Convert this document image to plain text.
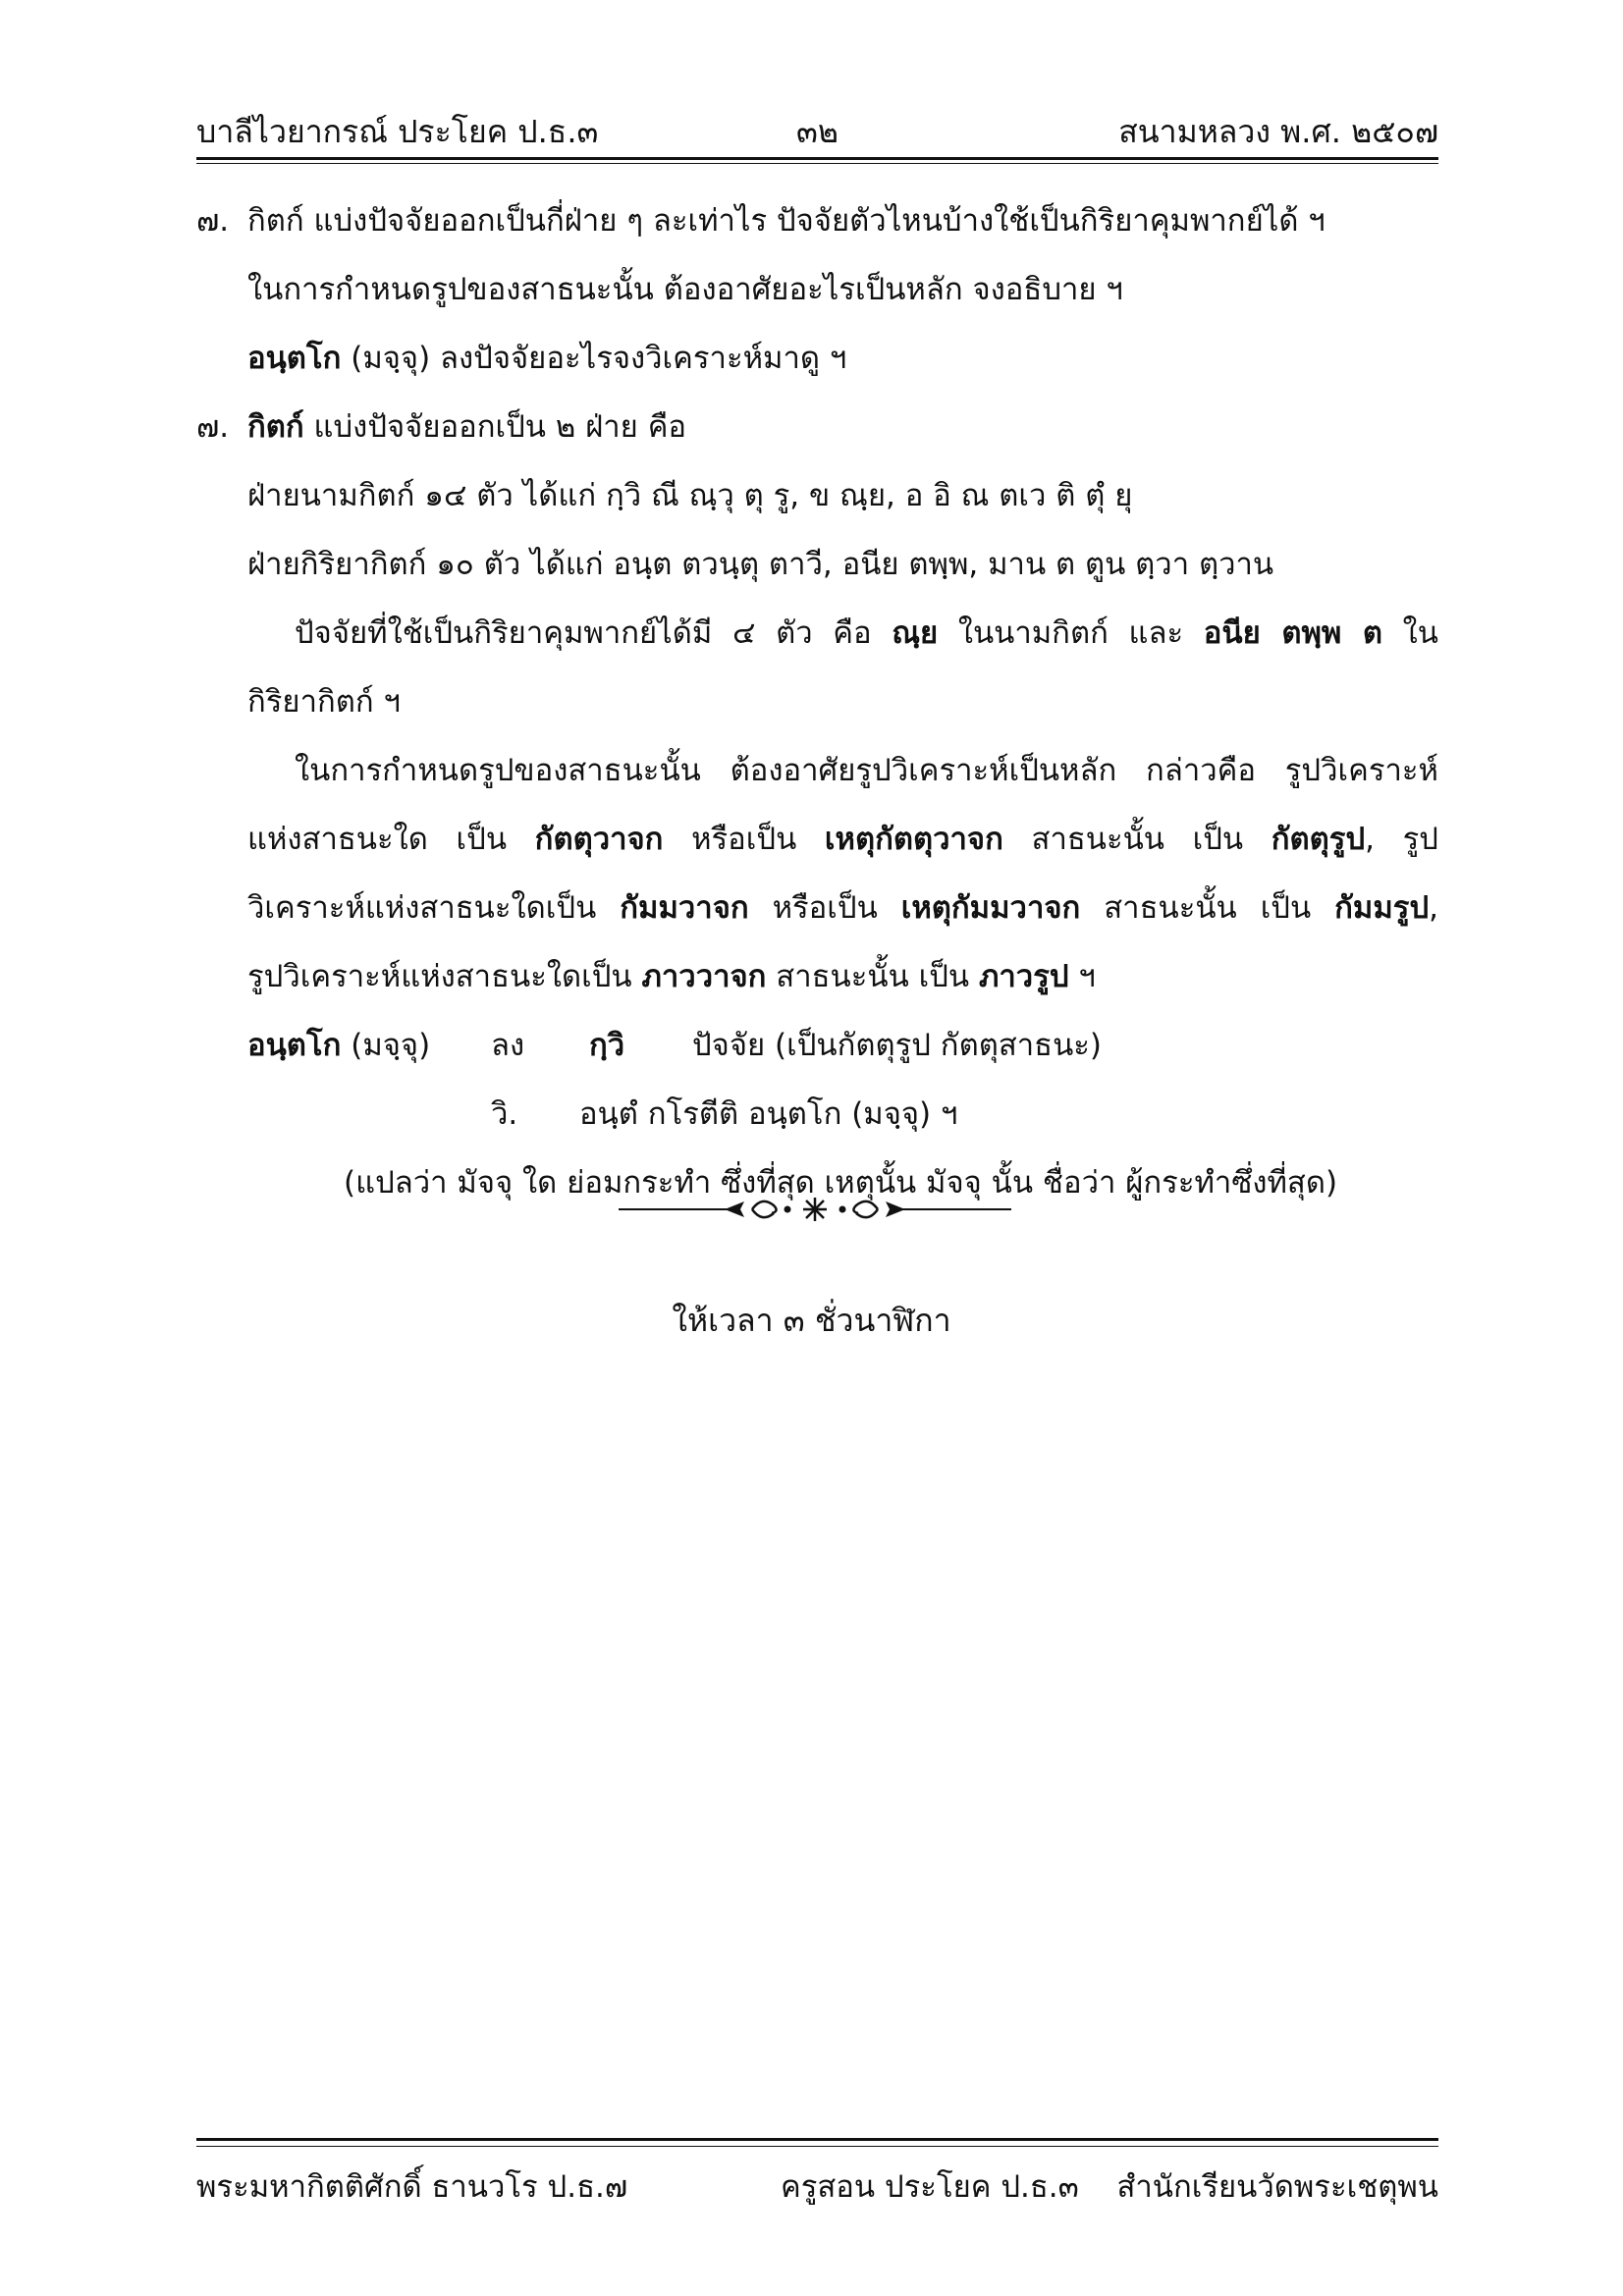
บาลีไวยากรณ์ ประโยค ป.ธ.๓	๓๒	สนามหลวง พ.ศ. ๒๕๐๗
๗. กิตก์ แบ่งปัจจัยออกเป็นกี่ฝ่าย ๆ ละเท่าไร ปัจจัยตัวไหนบ้างใช้เป็นกิริยาคุมพากย์ได้ ฯ
ในการกำหนดรูปของสาธนะนั้น ต้องอาศัยอะไรเป็นหลัก จงอธิบาย ฯ
อนฺตโก (มจฺจุ) ลงปัจจัยอะไรจงวิเคราะห์มาดู ฯ
๗. กิตก์ แบ่งปัจจัยออกเป็น ๒ ฝ่าย คือ
ฝ่ายนามกิตก์ ๑๔ ตัว ได้แก่ กฺวิ ณี ณฺวุ ตุ รู, ข ณฺย, อ อิ ณ ตเว ติ ตุํ ยุ
ฝ่ายกิริยากิตก์ ๑๐ ตัว ได้แก่ อนฺต ตวนฺตุ ตาวี, อนีย ตพฺพ, มาน ต ตูน ตฺวา ตฺวาน
ปัจจัยที่ใช้เป็นกิริยาคุมพากย์ได้มี ๔ ตัว คือ ณฺย ในนามกิตก์ และ อนีย ตพฺพ ต ใน
กิริยากิตก์ ฯ
ในการกำหนดรูปของสาธนะนั้น ต้องอาศัยรูปวิเคราะห์เป็นหลัก กล่าวคือ รูปวิเคราะห์
แห่งสาธนะใด เป็น กัตตุวาจก หรือเป็น เหตุกัตตุวาจก สาธนะนั้น เป็น กัตตุรูป, รูป
วิเคราะห์แห่งสาธนะใดเป็น กัมมวาจก หรือเป็น เหตุกัมมวาจก สาธนะนั้น เป็น กัมมรูป,
รูปวิเคราะห์แห่งสาธนะใดเป็น ภาววาจก สาธนะนั้น เป็น ภาวรูป ฯ
อนฺตโก (มจฺจุ) ลง กฺวิ ปัจจัย (เป็นกัตตุรูป กัตตุสาธนะ)
วิ. อนฺตํ กโรตีติ อนฺตโก (มจฺจุ) ฯ
(แปลว่า มัจจุ ใด ย่อมกระทำ ซึ่งที่สุด เหตุนั้น มัจจุ นั้น ชื่อว่า ผู้กระทำซึ่งที่สุด)
ให้เวลา ๓ ชั่วนาฬิกา
พระมหากิตติศักดิ์ ธานวโร ป.ธ.๗	ครูสอน ประโยค ป.ธ.๓ สำนักเรียนวัดพระเชตุพน
